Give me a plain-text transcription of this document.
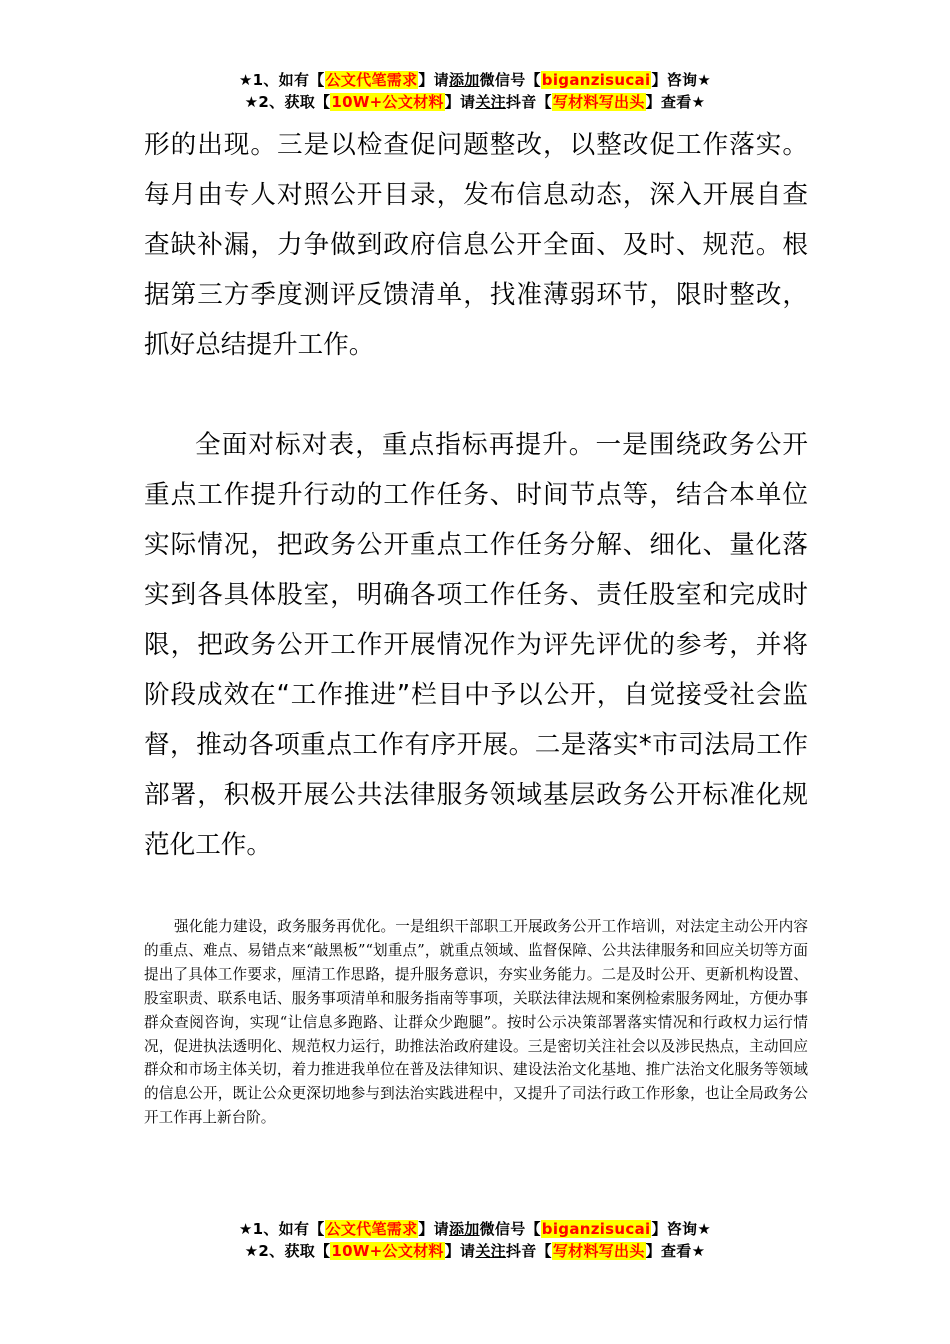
★1、如有【公文代笔需求】请添加微信号【biganzisucai】咨询★
★2、获取【10W+公文材料】请关注抖音【写材料写出头】查看★

形的出现。三是以检查促问题整改，以整改促工作落实。每月由专人对照公开目录，发布信息动态，深入开展自查查缺补漏，力争做到政府信息公开全面、及时、规范。根据第三方季度测评反馈清单，找准薄弱环节，限时整改，抓好总结提升工作。

全面对标对表，重点指标再提升。一是围绕政务公开重点工作提升行动的工作任务、时间节点等，结合本单位实际情况，把政务公开重点工作任务分解、细化、量化落实到各具体股室，明确各项工作任务、责任股室和完成时限，把政务公开工作开展情况作为评先评优的参考，并将阶段成效在“工作推进”栏目中予以公开，自觉接受社会监督，推动各项重点工作有序开展。二是落实*市司法局工作部署，积极开展公共法律服务领域基层政务公开标准化规范化工作。

强化能力建设，政务服务再优化。一是组织干部职工开展政务公开工作培训，对法定主动公开内容的重点、难点、易错点来“敲黑板”“划重点”，就重点领域、监督保障、公共法律服务和回应关切等方面提出了具体工作要求，厘清工作思路，提升服务意识，夯实业务能力。二是及时公开、更新机构设置、股室职责、联系电话、服务事项清单和服务指南等事项，关联法律法规和案例检索服务网址，方便办事群众查阅咨询，实现“让信息多跑路、让群众少跑腿”。按时公示决策部署落实情况和行政权力运行情况，促进执法透明化、规范权力运行，助推法治政府建设。三是密切关注社会以及涉民热点，主动回应群众和市场主体关切，着力推进我单位在普及法律知识、建设法治文化基地、推广法治文化服务等领域的信息公开，既让公众更深切地参与到法治实践进程中，又提升了司法行政工作形象，也让全局政务公开工作再上新台阶。

★1、如有【公文代笔需求】请添加微信号【biganzisucai】咨询★
★2、获取【10W+公文材料】请关注抖音【写材料写出头】查看★
